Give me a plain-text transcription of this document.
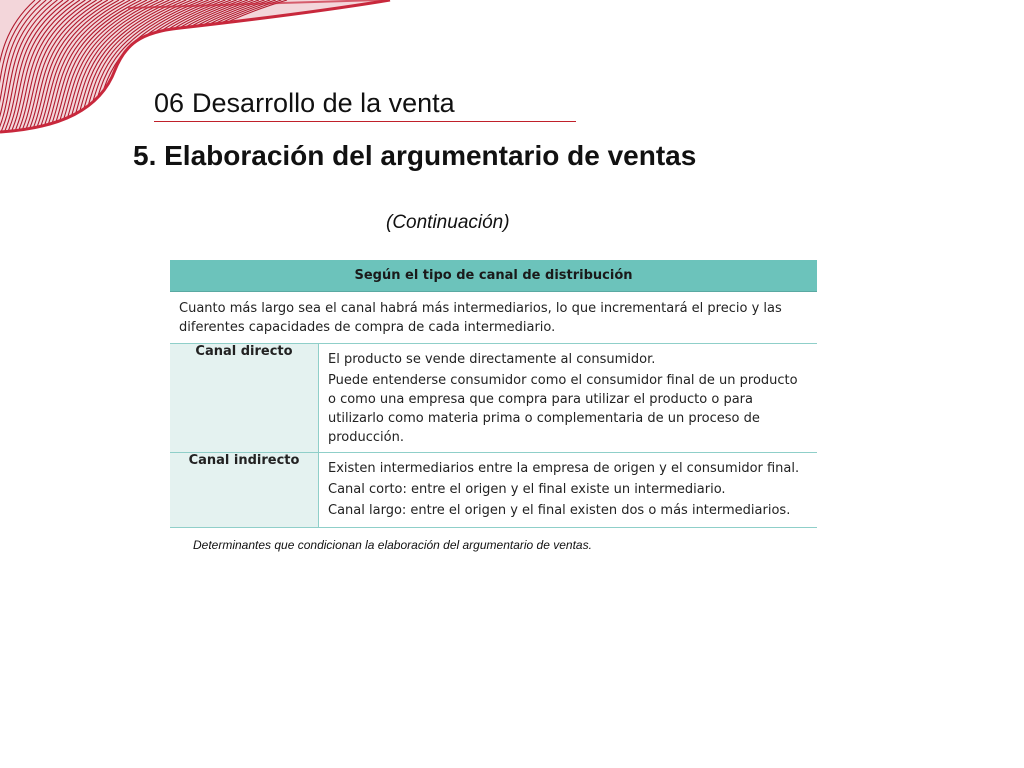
06 Desarrollo de la venta
5. Elaboración del argumentario de ventas
(Continuación)
Según el tipo de canal de distribución	
Cuanto más largo sea el canal habrá más intermediarios, lo que incrementará el precio y las diferentes capacidades de compra de cada intermediario.	
Canal directo	El producto se vende directamente al consumidor.

Puede entenderse consumidor como el consumidor final de un producto o como una empresa que compra para utilizar el producto o para utilizarlo como materia prima o complementaria de un proceso de producción.

Canal indirecto	Existen intermediarios entre la empresa de origen y el consumidor final.

Canal corto: entre el origen y el final existe un intermediario.

Canal largo: entre el origen y el final existen dos o más intermediarios.

Determinantes que condicionan la elaboración del argumentario de ventas.
